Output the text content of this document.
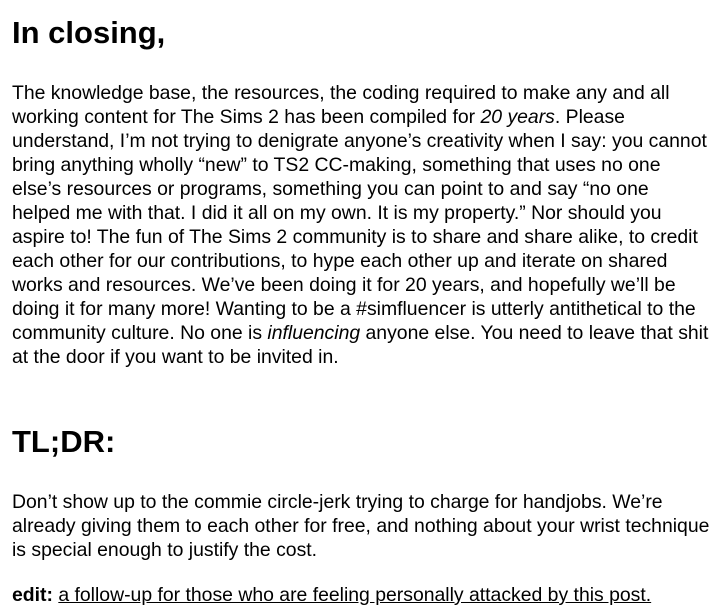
In closing,

The knowledge base, the resources, the coding required to make any and all working content for The Sims 2 has been compiled for 20 years. Please understand, I’m not trying to denigrate anyone’s creativity when I say: you cannot bring anything wholly “new” to TS2 CC-making, something that uses no one else’s resources or programs, something you can point to and say “no one helped me with that. I did it all on my own. It is my property.” Nor should you aspire to! The fun of The Sims 2 community is to share and share alike, to credit each other for our contributions, to hype each other up and iterate on shared works and resources. We’ve been doing it for 20 years, and hopefully we’ll be doing it for many more! Wanting to be a #simfluencer is utterly antithetical to the community culture. No one is influencing anyone else. You need to leave that shit at the door if you want to be invited in.

TL;DR:

Don’t show up to the commie circle-jerk trying to charge for handjobs. We’re already giving them to each other for free, and nothing about your wrist technique is special enough to justify the cost.

edit: a follow-up for those who are feeling personally attacked by this post.
